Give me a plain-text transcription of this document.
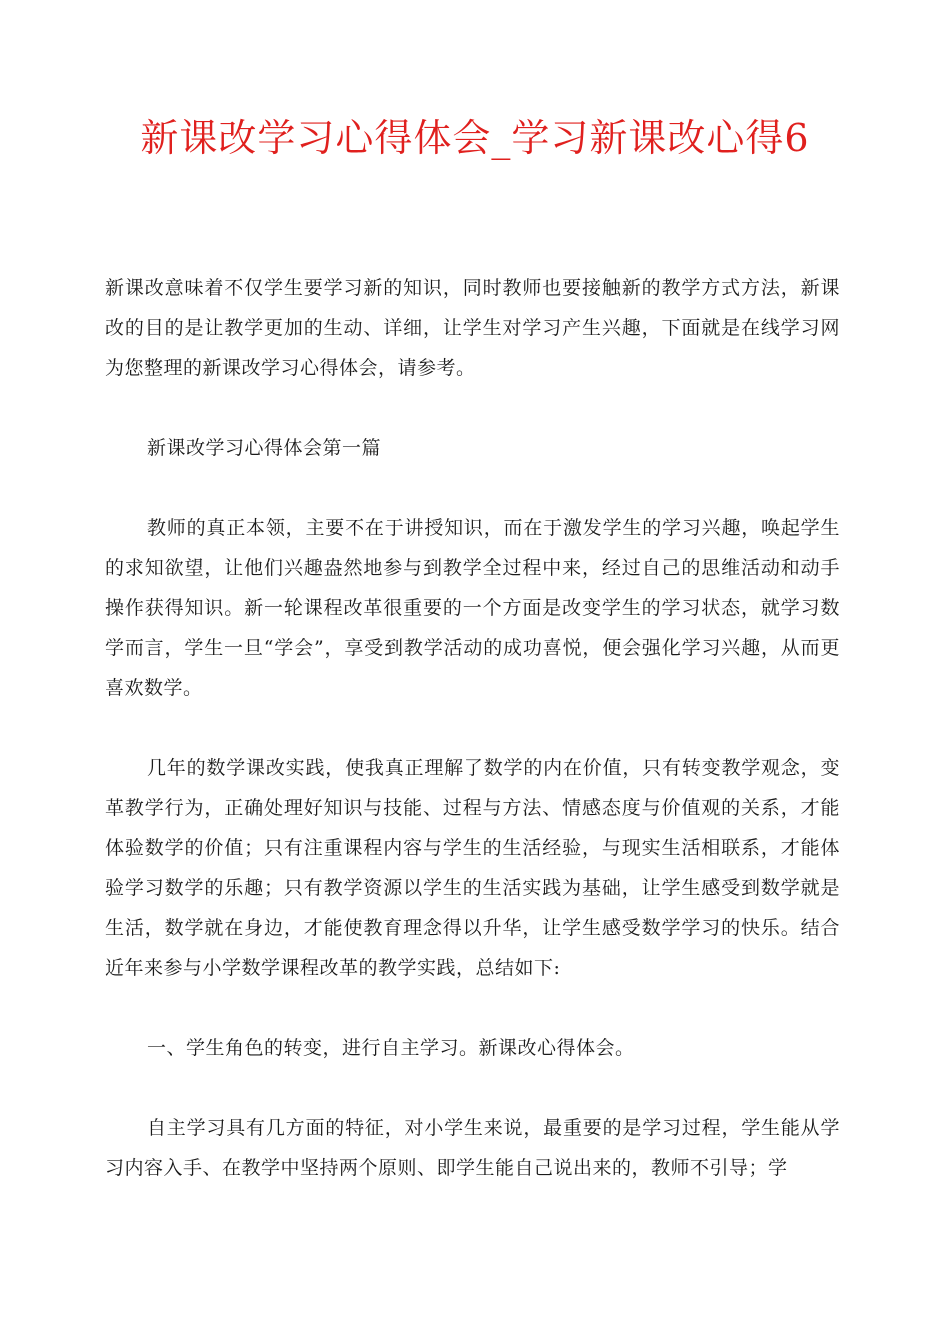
新课改学习心得体会_学习新课改心得6

新课改意味着不仅学生要学习新的知识，同时教师也要接触新的教学方式方法，新课改的目的是让教学更加的生动、详细，让学生对学习产生兴趣，下面就是在线学习网为您整理的新课改学习心得体会，请参考。

新课改学习心得体会第一篇

教师的真正本领，主要不在于讲授知识，而在于激发学生的学习兴趣，唤起学生的求知欲望，让他们兴趣盎然地参与到教学全过程中来，经过自己的思维活动和动手操作获得知识。新一轮课程改革很重要的一个方面是改变学生的学习状态，就学习数学而言，学生一旦“学会”，享受到教学活动的成功喜悦，便会强化学习兴趣，从而更喜欢数学。

几年的数学课改实践，使我真正理解了数学的内在价值，只有转变教学观念，变革教学行为，正确处理好知识与技能、过程与方法、情感态度与价值观的关系，才能体验数学的价值；只有注重课程内容与学生的生活经验，与现实生活相联系，才能体验学习数学的乐趣；只有教学资源以学生的生活实践为基础，让学生感受到数学就是生活，数学就在身边，才能使教育理念得以升华，让学生感受数学学习的快乐。结合近年来参与小学数学课程改革的教学实践，总结如下:

一、学生角色的转变，进行自主学习。新课改心得体会。

自主学习具有几方面的特征，对小学生来说，最重要的是学习过程，学生能从学习内容入手、在教学中坚持两个原则、即学生能自己说出来的，教师不引导；学
